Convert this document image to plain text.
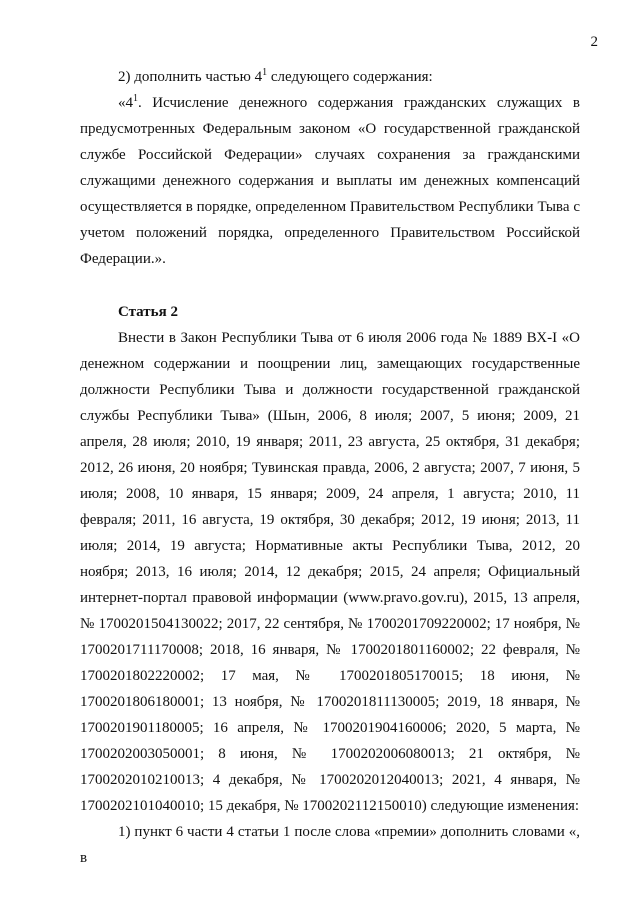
2

2) дополнить частью $4^1$ следующего содержания:

«$4^1$. Исчисление денежного содержания гражданских служащих в предусмотренных Федеральным законом «О государственной гражданской службе Российской Федерации» случаях сохранения за гражданскими служащими денежного содержания и выплаты им денежных компенсаций осуществляется в порядке, определенном Правительством Республики Тыва с учетом положений порядка, определенного Правительством Российской Федерации.».

Статья 2

Внести в Закон Республики Тыва от 6 июля 2006 года № 1889 ВХ-I «О денежном содержании и поощрении лиц, замещающих государственные должности Республики Тыва и должности государственной гражданской службы Республики Тыва» (Шын, 2006, 8 июля; 2007, 5 июня; 2009, 21 апреля, 28 июля; 2010, 19 января; 2011, 23 августа, 25 октября, 31 декабря; 2012, 26 июня, 20 ноября; Тувинская правда, 2006, 2 августа; 2007, 7 июня, 5 июля; 2008, 10 января, 15 января; 2009, 24 апреля, 1 августа; 2010, 11 февраля; 2011, 16 августа, 19 октября, 30 декабря; 2012, 19 июня; 2013, 11 июля; 2014, 19 августа; Нормативные акты Республики Тыва, 2012, 20 ноября; 2013, 16 июля; 2014, 12 декабря; 2015, 24 апреля; Официальный интернет-портал правовой информации (www.pravo.gov.ru), 2015, 13 апреля, № 1700201504130022; 2017, 22 сентября, № 1700201709220002; 17 ноября, № 1700201711170008; 2018, 16 января, № 1700201801160002; 22 февраля, № 1700201802220002; 17 мая, № 1700201805170015; 18 июня, № 1700201806180001; 13 ноября, № 1700201811130005; 2019, 18 января, № 1700201901180005; 16 апреля, № 1700201904160006; 2020, 5 марта, № 1700202003050001; 8 июня, № 1700202006080013; 21 октября, № 1700202010210013; 4 декабря, № 1700202012040013; 2021, 4 января, № 1700202101040010; 15 декабря, № 1700202112150010) следующие изменения:

1) пункт 6 части 4 статьи 1 после слова «премии» дополнить словами «, в
